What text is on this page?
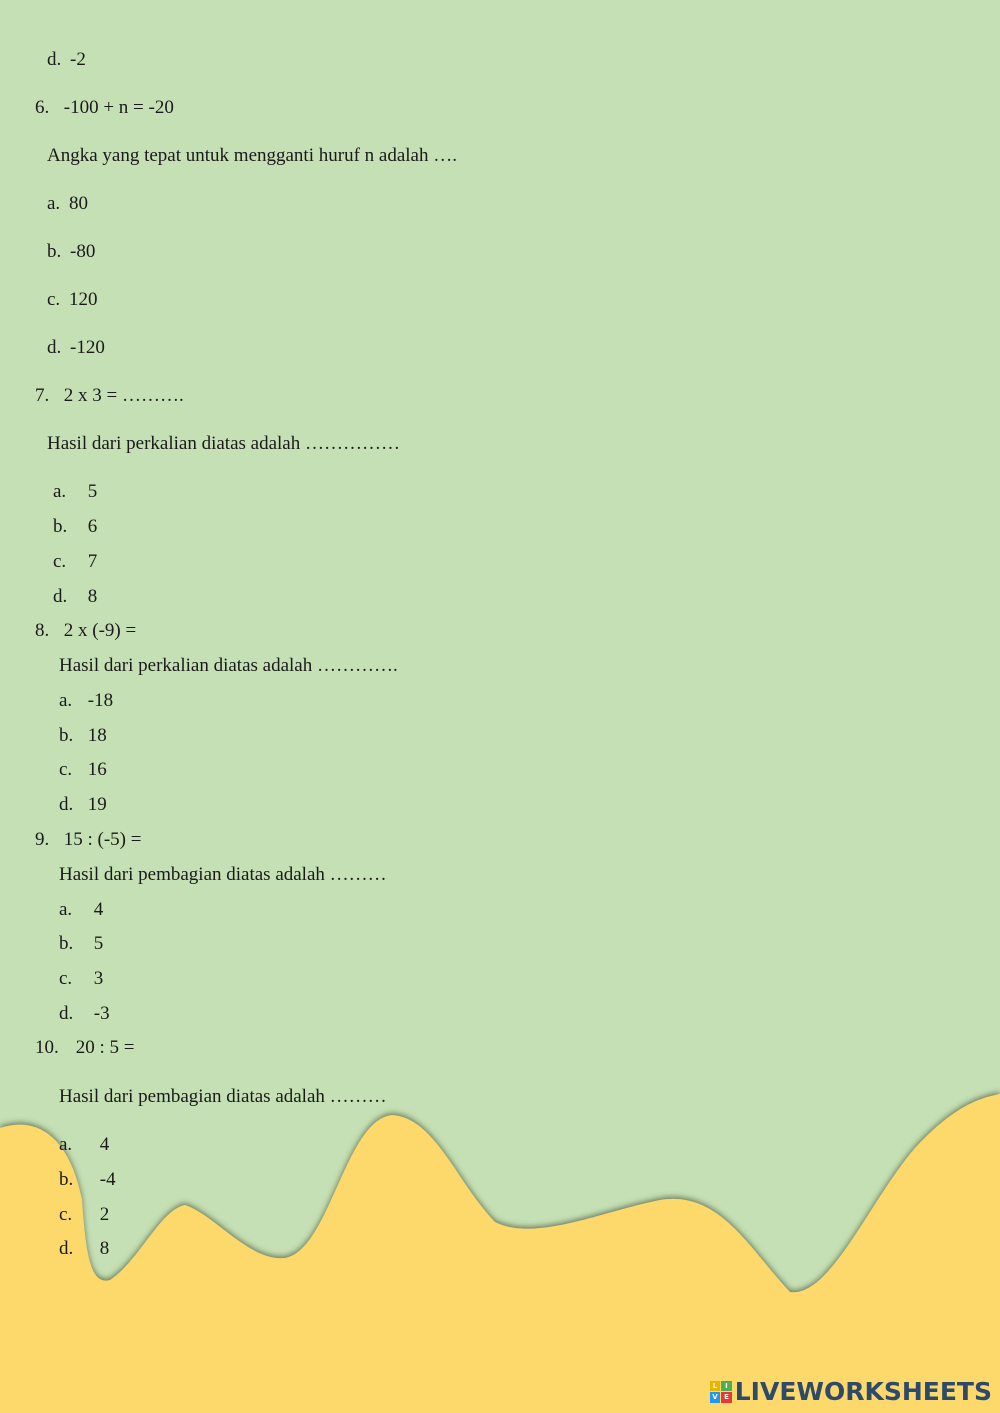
d. -2
6. -100 + n = -20
Angka yang tepat untuk mengganti huruf n adalah ….
a. 80
b. -80
c. 120
d. -120
7. 2 x 3 = ……….
Hasil dari perkalian diatas adalah ……………
a. 5
b. 6
c. 7
d. 8
8. 2 x (-9) =
Hasil dari perkalian diatas adalah ………….
a. -18
b. 18
c. 16
d. 19
9. 15 : (-5) =
Hasil dari pembagian diatas adalah ………
a. 4
b. 5
c. 3
d. -3
10. 20 : 5 =
Hasil dari pembagian diatas adalah ………
a. 4
b. -4
c. 2
d. 8
L	I
V E LIVEWORKSHEETS
